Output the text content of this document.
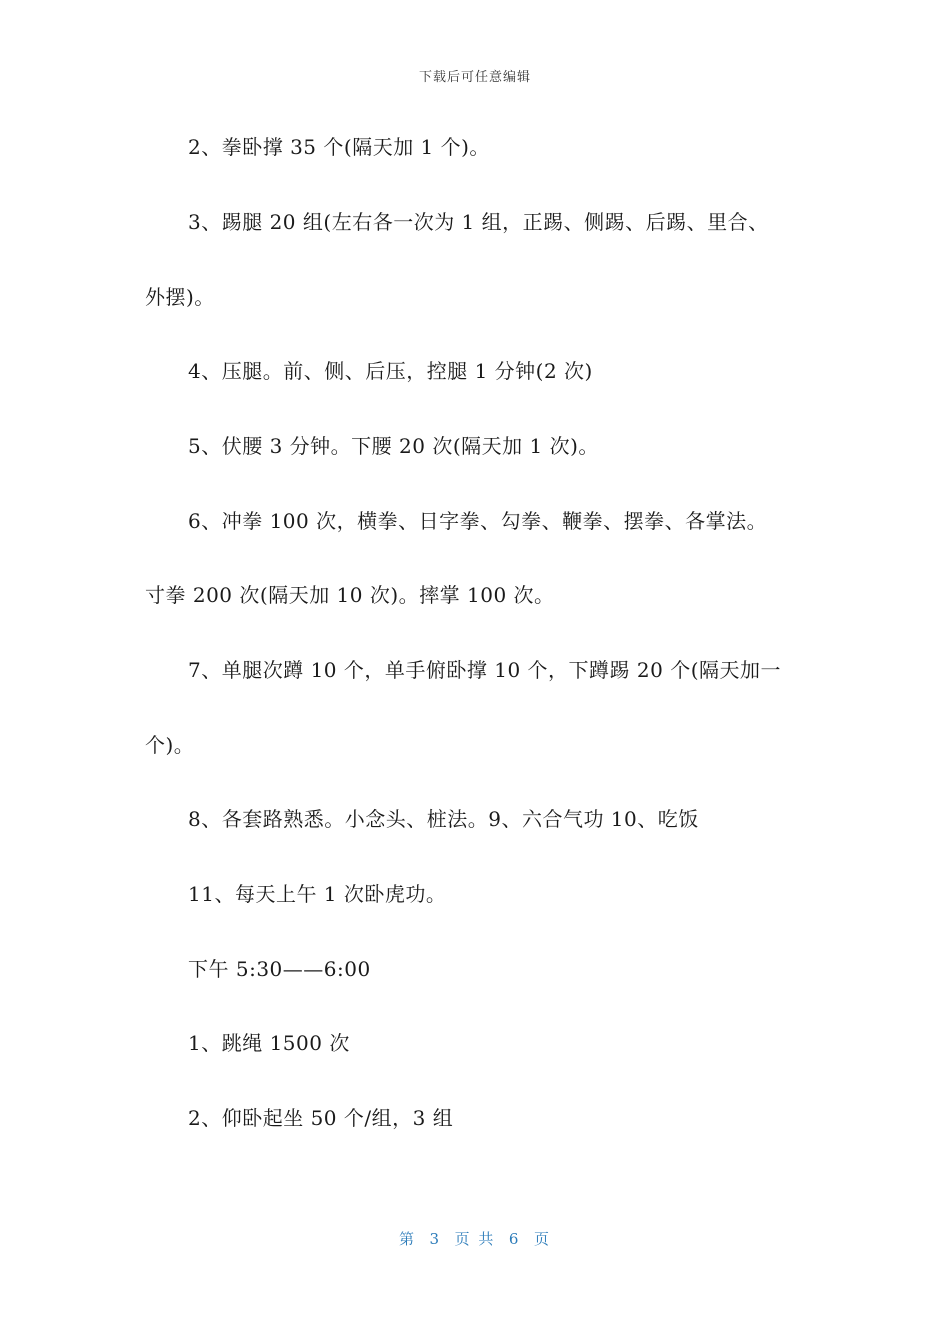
下载后可任意编辑
2、拳卧撑 35 个(隔天加 1 个)。
3、踢腿 20 组(左右各一次为 1 组，正踢、侧踢、后踢、里合、
外摆)。
4、压腿。前、侧、后压，控腿 1 分钟(2 次)
5、伏腰 3 分钟。下腰 20 次(隔天加 1 次)。
6、冲拳 100 次，横拳、日字拳、勾拳、鞭拳、摆拳、各掌法。
寸拳 200 次(隔天加 10 次)。摔掌 100 次。
7、单腿次蹲 10 个，单手俯卧撑 10 个，下蹲踢 20 个(隔天加一
个)。
8、各套路熟悉。小念头、桩法。9、六合气功 10、吃饭
11、每天上午 1 次卧虎功。
下午 5:30——6:00
1、跳绳 1500 次
2、仰卧起坐 50 个/组，3 组
第  3  页 共  6  页
